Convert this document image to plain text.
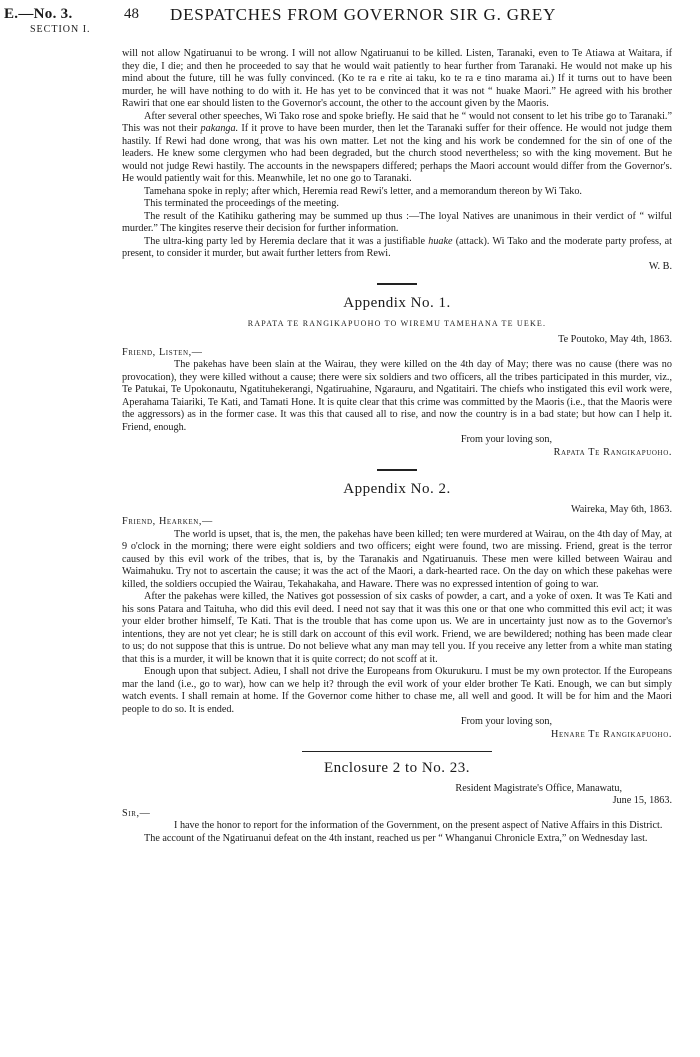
E.—No. 3.
SECTION I.
48 DESPATCHES FROM GOVERNOR SIR G. GREY

will not allow Ngatiruanui to be wrong. I will not allow Ngatiruanui to be killed. Listen, Taranaki, even to Te Atiawa at Waitara, if they die, I die; and then he proceeded to say that he would wait patiently to hear further from Taranaki. He would not make up his mind about the future, till he was fully convinced. (Ko te ra e rite ai taku, ko te ra e tino marama ai.) If it turns out to have been murder, he will have nothing to do with it. He has yet to be convinced that it was not “ huake Maori.” He agreed with his brother Rawiri that one ear should listen to the Governor's account, the other to the account given by the Maoris.

After several other speeches, Wi Tako rose and spoke briefly. He said that he “ would not consent to let his tribe go to Taranaki.” This was not their pakanga. If it prove to have been murder, then let the Taranaki suffer for their offence. He would not judge them hastily. If Rewi had done wrong, that was his own matter. Let not the king and his work be condemned for the sin of one of the leaders. He knew some clergymen who had been degraded, but the church stood nevertheless; so with the king movement. But he would not judge Rewi hastily. The accounts in the newspapers differed; perhaps the Maori account would differ from the Governor's. He would patiently wait for this. Meanwhile, let no one go to Taranaki.

Tamehana spoke in reply; after which, Heremia read Rewi's letter, and a memorandum thereon by Wi Tako.

This terminated the proceedings of the meeting.

The result of the Katihiku gathering may be summed up thus :—The loyal Natives are unanimous in their verdict of “ wilful murder.” The kingites reserve their decision for further information.

The ultra-king party led by Heremia declare that it was a justifiable huake (attack). Wi Tako and the moderate party profess, at present, to consider it murder, but await further letters from Rewi.

W. B.

Appendix No. 1.
RAPATA TE RANGIKAPUOHO TO WIREMU TAMEHANA TE UEKE.

Te Poutoko, May 4th, 1863.

Friend, Listen,—

The pakehas have been slain at the Wairau, they were killed on the 4th day of May; there was no cause (there was no provocation), they were killed without a cause; there were six soldiers and two officers, all the tribes participated in this murder, viz., Te Patukai, Te Upokonautu, Ngatituhekerangi, Ngatiruahine, Ngarauru, and Ngatitairi. The chiefs who instigated this evil work were, Aperahama Taiariki, Te Kati, and Tamati Hone. It is quite clear that this crime was committed by the Maoris (i.e., that the Maoris were the aggressors) as in the former case. It was this that caused all to rise, and now the country is in a bad state; but how can I help it. Friend, enough.

From your loving son,

Rapata Te Rangikapuoho.

Appendix No. 2.

Waireka, May 6th, 1863.

Friend, Hearken,—

The world is upset, that is, the men, the pakehas have been killed; ten were murdered at Wairau, on the 4th day of May, at 9 o'clock in the morning; there were eight soldiers and two officers; eight were found, two are missing. Friend, great is the terror caused by this evil work of the tribes, that is, by the Taranakis and Ngatiruanuis. These men were killed between Wairau and Waimahuku. Try not to ascertain the cause; it was the act of the Maori, a dark-hearted race. On the day on which these pakehas were killed, the soldiers occupied the Wairau, Tekahakaha, and Haware. There was no expressed intention of going to war.

After the pakehas were killed, the Natives got possession of six casks of powder, a cart, and a yoke of oxen. It was Te Kati and his sons Patara and Taituha, who did this evil deed. I need not say that it was this one or that one who committed this evil act; it was your elder brother himself, Te Kati. That is the trouble that has come upon us. We are in uncertainty just now as to the Governor's intentions, they are not yet clear; he is still dark on account of this evil work. Friend, we are bewildered; nothing has been made clear to us; do not suppose that this is untrue. Do not believe what any man may tell you. If you receive any letter from a white man stating that this is a murder, it will be known that it is quite correct; do not scoff at it.

Enough upon that subject. Adieu, I shall not drive the Europeans from Okurukuru. I must be my own protector. If the Europeans mar the land (i.e., go to war), how can we help it? through the evil work of your elder brother Te Kati. Enough, we can but simply watch events. I shall remain at home. If the Governor come hither to chase me, all well and good. It will be for him and the Maori people to do so. It is ended.

From your loving son,

Henare Te Rangikapuoho.

Enclosure 2 to No. 23.

Resident Magistrate's Office, Manawatu,

June 15, 1863.

Sir,—

I have the honor to report for the information of the Government, on the present aspect of Native Affairs in this District.

The account of the Ngatiruanui defeat on the 4th instant, reached us per “ Whanganui Chronicle Extra,” on Wednesday last.
